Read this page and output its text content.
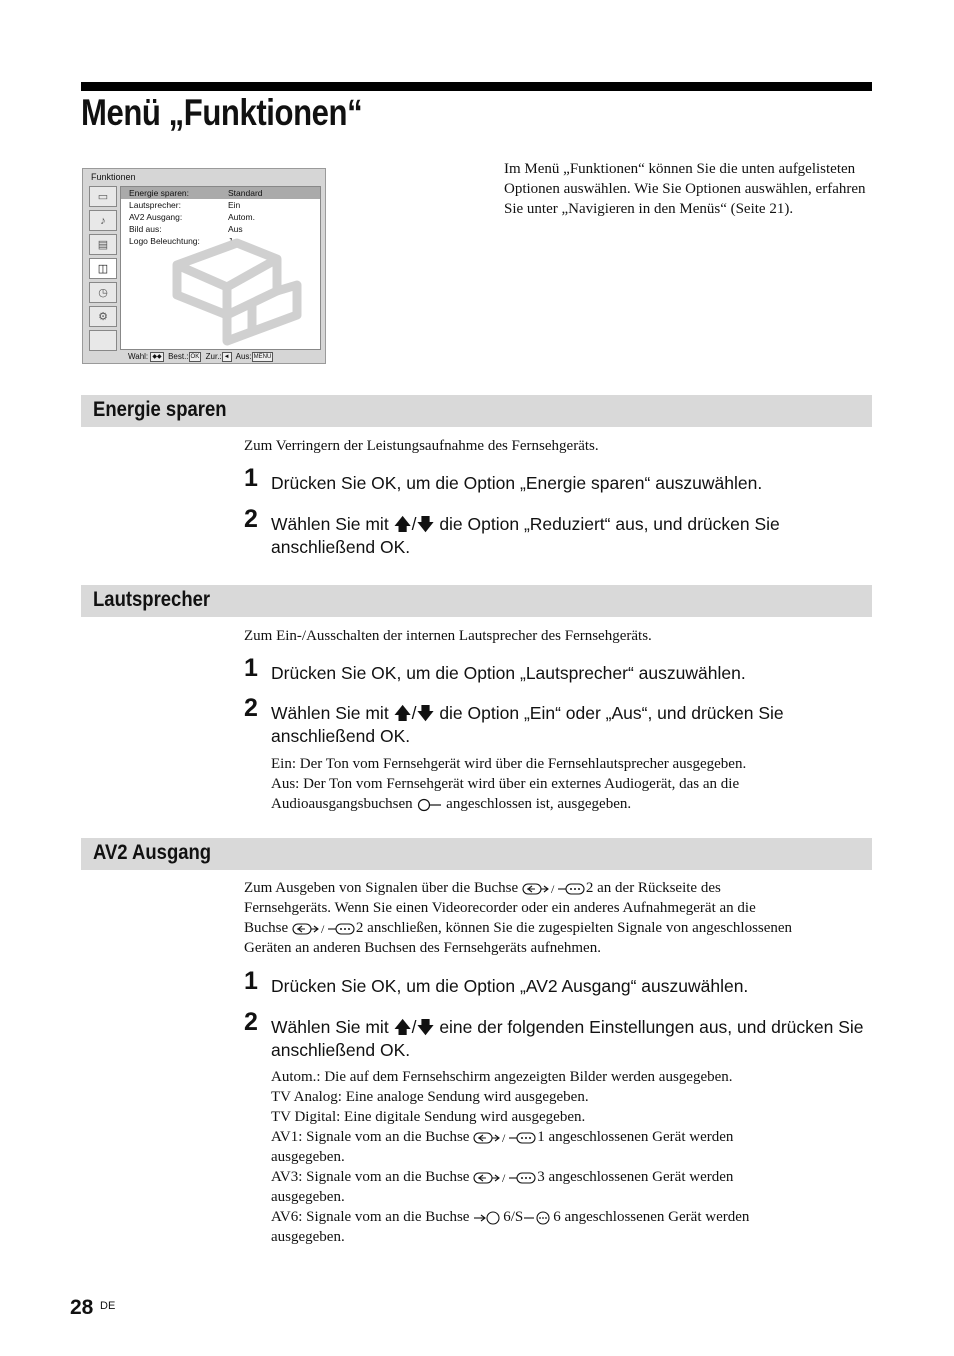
Menü „Funktionen“
Funktionen
▭
♪
▤
◫
◷
⚙
Energie sparen:	Standard
Lautsprecher:	Ein
AV2 Ausgang:	Autom.
Bild aus:	Aus
Logo Beleuchtung:	Ja
Wahl: ◆◆ Best.: OK Zur.: ◄ Aus: MENU

Im Menü „Funktionen“ können Sie die unten aufgelisteten Optionen auswählen. Wie Sie Optionen auswählen, erfahren Sie unter „Navigieren in den Menüs“ (Seite 21).

Energie sparen

Zum Verringern der Leistungsaufnahme des Fernsehgeräts.

1 Drücken Sie OK, um die Option „Energie sparen“ auszuwählen.
2 Wählen Sie mit 🡅/🡇 die Option „Reduziert“ aus, und drücken Sie anschließend OK.
Lautsprecher

Zum Ein-/Ausschalten der internen Lautsprecher des Fernsehgeräts.

1 Drücken Sie OK, um die Option „Lautsprecher“ auszuwählen.
2 Wählen Sie mit 🡅/🡇 die Option „Ein“ oder „Aus“, und drücken Sie anschließend OK.
Ein: Der Ton vom Fernsehgerät wird über die Fernsehlautsprecher ausgegeben.
Aus: Der Ton vom Fernsehgerät wird über ein externes Audiogerät, das an die
Audioausgangsbuchsen angeschlossen ist, ausgegeben.
AV2 Ausgang
Zum Ausgeben von Signalen über die Buchse	/ 2 an der Rückseite des
Fernsehgeräts. Wenn Sie einen Videorecorder oder ein anderes Aufnahmegerät an die
Buchse	/ 2 anschließen, können Sie die zugespielten Signale von angeschlossenen
Geräten an anderen Buchsen des Fernsehgeräts aufnehmen.
1 Drücken Sie OK, um die Option „AV2 Ausgang“ auszuwählen.
2 Wählen Sie mit 🡅/🡇 eine der folgenden Einstellungen aus, und drücken Sie anschließend OK.
Autom.: Die auf dem Fernsehschirm angezeigten Bilder werden ausgegeben.
TV Analog: Eine analoge Sendung wird ausgegeben.
TV Digital: Eine digitale Sendung wird ausgegeben.
AV1: Signale vom an die Buchse	/ 1 angeschlossenen Gerät werden
ausgegeben.
AV3: Signale vom an die Buchse	/ 3 angeschlossenen Gerät werden
ausgegeben.
AV6: Signale vom an die Buchse 6/S 6 angeschlossenen Gerät werden
ausgegeben.
28 DE
